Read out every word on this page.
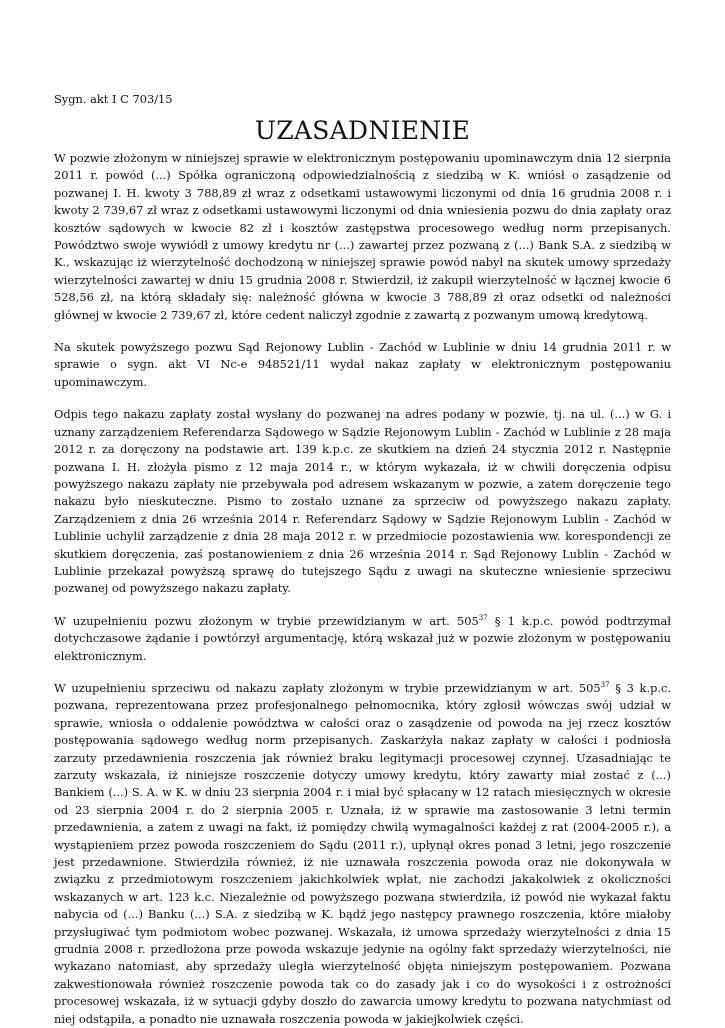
Sygn. akt I C 703/15

UZASADNIENIE

W pozwie złożonym w niniejszej sprawie w elektronicznym postępowaniu upominawczym dnia 12 sierpnia 2011 r. powód (...) Spółka ograniczoną odpowiedzialnością z siedzibą w K. wniósł o zasądzenie od pozwanej I. H. kwoty 3 788,89 zł wraz z odsetkami ustawowymi liczonymi od dnia 16 grudnia 2008 r. i kwoty 2 739,67 zł wraz z odsetkami ustawowymi liczonymi od dnia wniesienia pozwu do dnia zapłaty oraz kosztów sądowych w kwocie 82 zł i kosztów zastępstwa procesowego według norm przepisanych. Powództwo swoje wywiódł z umowy kredytu nr (...) zawartej przez pozwaną z (...) Bank S.A. z siedzibą w K., wskazując iż wierzytelność dochodzoną w niniejszej sprawie powód nabył na skutek umowy sprzedaży wierzytelności zawartej w dniu 15 grudnia 2008 r. Stwierdził, iż zakupił wierzytelność w łącznej kwocie 6 528,56 zł, na którą składały się: należność główna w kwocie 3 788,89 zł oraz odsetki od należności głównej w kwocie 2 739,67 zł, które cedent naliczył zgodnie z zawartą z pozwanym umową kredytową.

Na skutek powyższego pozwu Sąd Rejonowy Lublin - Zachód w Lublinie w dniu 14 grudnia 2011 r. w sprawie o sygn. akt VI Nc-e 948521/11 wydał nakaz zapłaty w elektronicznym postępowaniu upominawczym.

Odpis tego nakazu zapłaty został wysłany do pozwanej na adres podany w pozwie, tj. na ul. (...) w G. i uznany zarządzeniem Referendarza Sądowego w Sądzie Rejonowym Lublin - Zachód w Lublinie z 28 maja 2012 r. za doręczony na podstawie art. 139 k.p.c. ze skutkiem na dzień 24 stycznia 2012 r. Następnie pozwana I. H. złożyła pismo z 12 maja 2014 r., w którym wykazała, iż w chwili doręczenia odpisu powyższego nakazu zapłaty nie przebywała pod adresem wskazanym w pozwie, a zatem doręczenie tego nakazu było nieskuteczne. Pismo to zostało uznane za sprzeciw od powyższego nakazu zapłaty. Zarządzeniem z dnia 26 września 2014 r. Referendarz Sądowy w Sądzie Rejonowym Lublin - Zachód w Lublinie uchylił zarządzenie z dnia 28 maja 2012 r. w przedmiocie pozostawienia ww. korespondencji ze skutkiem doręczenia, zaś postanowieniem z dnia 26 września 2014 r. Sąd Rejonowy Lublin - Zachód w Lublinie przekazał powyższą sprawę do tutejszego Sądu z uwagi na skuteczne wniesienie sprzeciwu pozwanej od powyższego nakazu zapłaty.

W uzupełnieniu pozwu złożonym w trybie przewidzianym w art. $505^{37}$ § 1 k.p.c. powód podtrzymał dotychczasowe żądanie i powtórzył argumentację, którą wskazał już w pozwie złożonym w postępowaniu elektronicznym.

W uzupełnieniu sprzeciwu od nakazu zapłaty złożonym w trybie przewidzianym w art. $505^{37}$ § 3 k.p.c. pozwana, reprezentowana przez profesjonalnego pełnomocnika, który zgłosił wówczas swój udział w sprawie, wniosła o oddalenie powództwa w całości oraz o zasądzenie od powoda na jej rzecz kosztów postępowania sądowego według norm przepisanych. Zaskarżyła nakaz zapłaty w całości i podniosła zarzuty przedawnienia roszczenia jak również braku legitymacji procesowej czynnej. Uzasadniając te zarzuty wskazała, iż niniejsze roszczenie dotyczy umowy kredytu, który zawarty miał zostać z (...) Bankiem (...) S. A. w K. w dniu 23 sierpnia 2004 r. i miał być spłacany w 12 ratach miesięcznych w okresie od 23 sierpnia 2004 r. do 2 sierpnia 2005 r. Uznała, iż w sprawie ma zastosowanie 3 letni termin przedawnienia, a zatem z uwagi na fakt, iż pomiędzy chwilą wymagalności każdej z rat (2004-2005 r.), a wystąpieniem przez powoda roszczeniem do Sądu (2011 r.), upłynął okres ponad 3 letni, jego roszczenie jest przedawnione. Stwierdziła również, iż nie uznawała roszczenia powoda oraz nie dokonywała w związku z przedmiotowym roszczeniem jakichkolwiek wpłat, nie zachodzi jakakolwiek z okoliczności wskazanych w art. 123 k.c. Niezależnie od powyższego pozwana stwierdziła, iż powód nie wykazał faktu nabycia od (...) Banku (...) S.A. z siedzibą w K. bądź jego następcy prawnego roszczenia, które miałoby przysługiwać tym podmiotom wobec pozwanej. Wskazała, iż umowa sprzedaży wierzytelności z dnia 15 grudnia 2008 r. przedłożona prze powoda wskazuje jedynie na ogólny fakt sprzedaży wierzytelności, nie wykazano natomiast, aby sprzedaży uległa wierzytelność objęta niniejszym postępowaniem. Pozwana zakwestionowała również roszczenie powoda tak co do zasady jak i co do wysokości i z ostrożności procesowej wskazała, iż w sytuacji gdyby doszło do zawarcia umowy kredytu to pozwana natychmiast od niej odstąpiła, a ponadto nie uznawała roszczenia powoda w jakiejkolwiek części.
